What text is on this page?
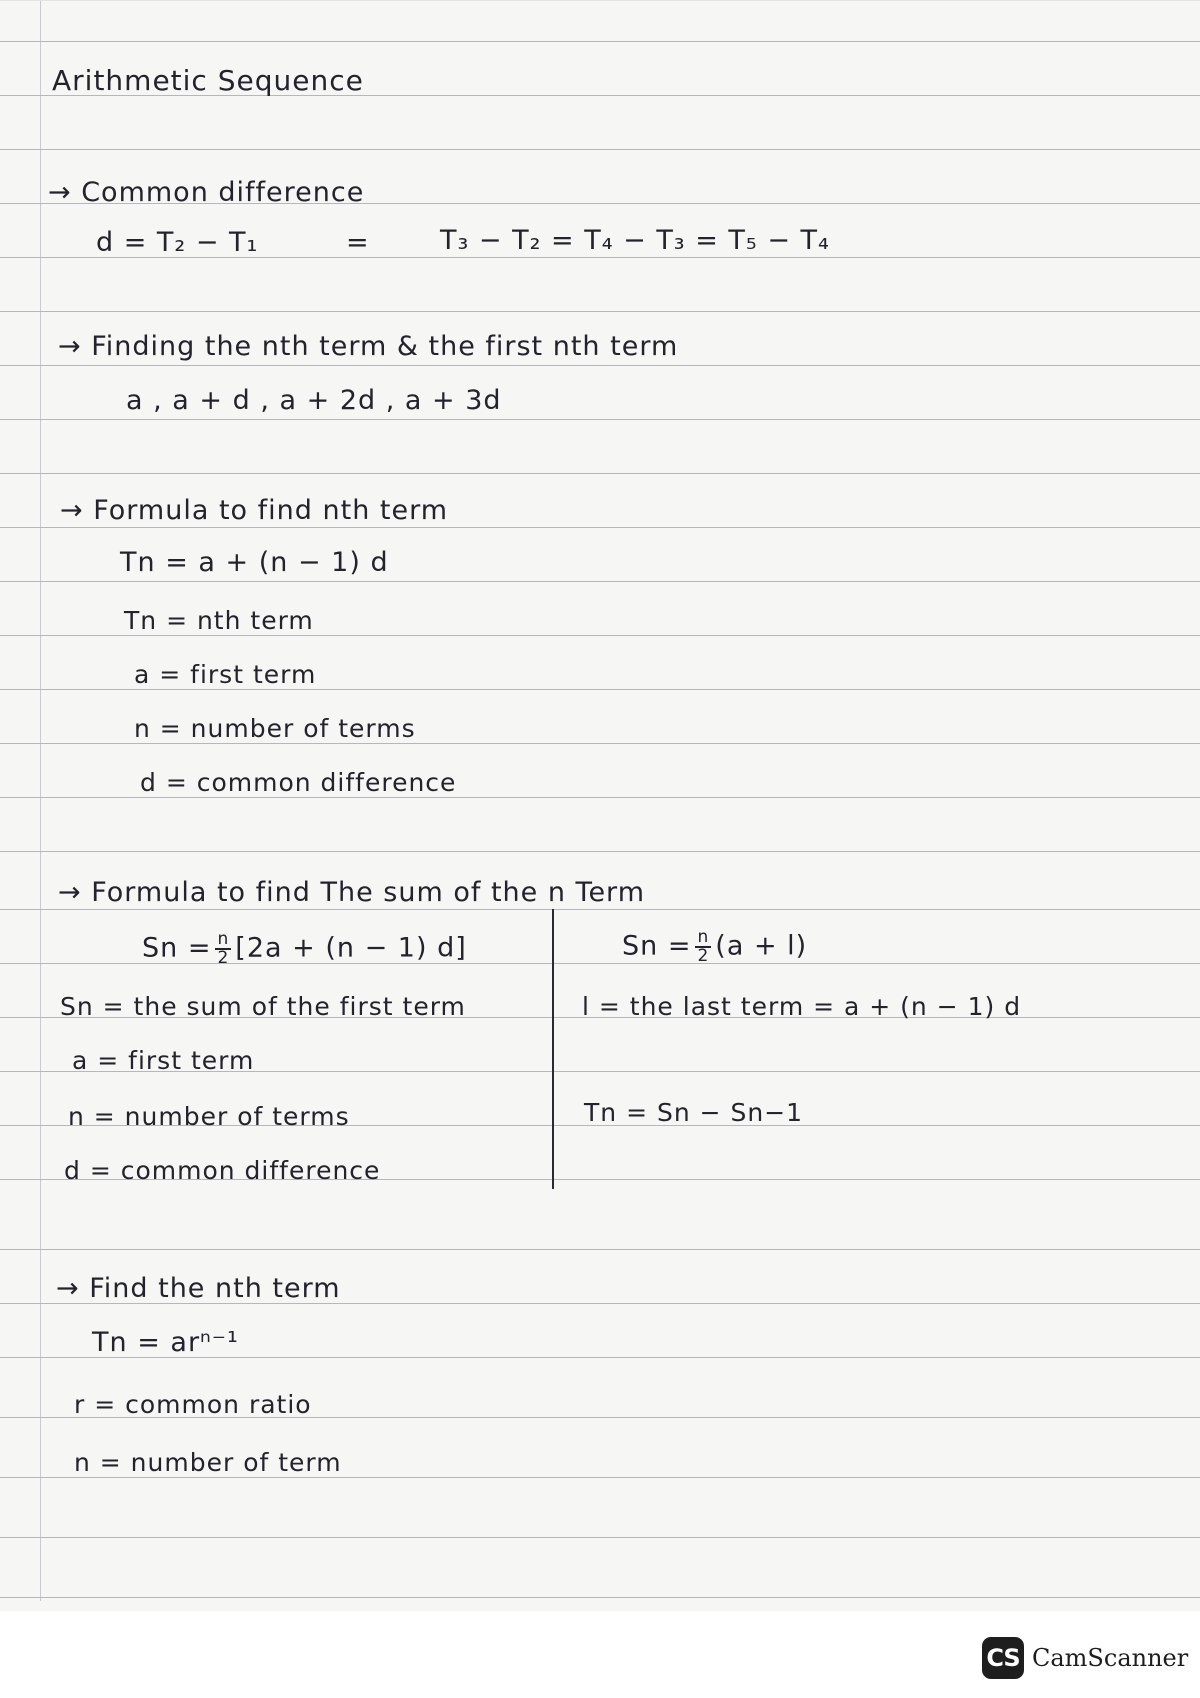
Arithmetic Sequence
→ Common difference
d = T₂ − T₁	=	T₃ − T₂ = T₄ − T₃ = T₅ − T₄
→ Finding the nth term & the first nth term
a , a + d , a + 2d , a + 3d
→ Formula to find nth term
Tn = a + (n − 1) d
Tn = nth term
a = first term
n = number of terms
d = common difference
→ Formula to find The sum of the n Term
$Sn = \frac{n}{2} [2a + (n - 1)$ d]	$Sn = \frac{n}{2} (a + l)$
Sn = the sum of the first term
a = first term
n = number of terms
d = common difference
l = the last term = a + (n − 1) d
Tn = Sn − Sn−1
→ Find the nth term
Tn = arⁿ⁻¹
r = common ratio
n = number of term
CS CamScanner
